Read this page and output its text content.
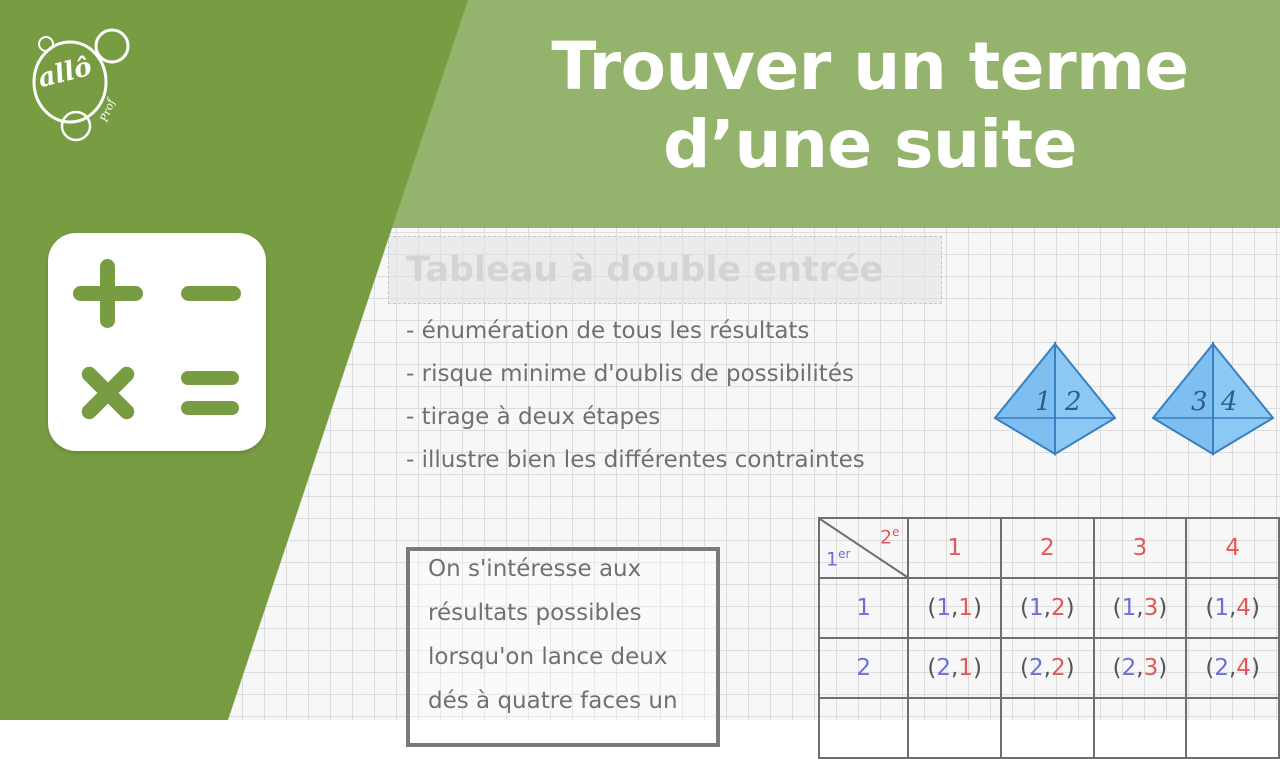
Tableau à double entrée
- énumération de tous les résultats
- risque minime d'oublis de possibilités
- tirage à deux étapes
- illustre bien les différentes contraintes
On s'intéresse aux
résultats possibles
lorsqu'on lance deux
dés à quatre faces un
1 2	3 4
1er
2e	1	2	3	4
1	(1,1)	(1,2)	(1,3)	(1,4)
2	(2,1)	(2,2)	(2,3)	(2,4)

allô
Prof
Trouver un terme
d’une suite
